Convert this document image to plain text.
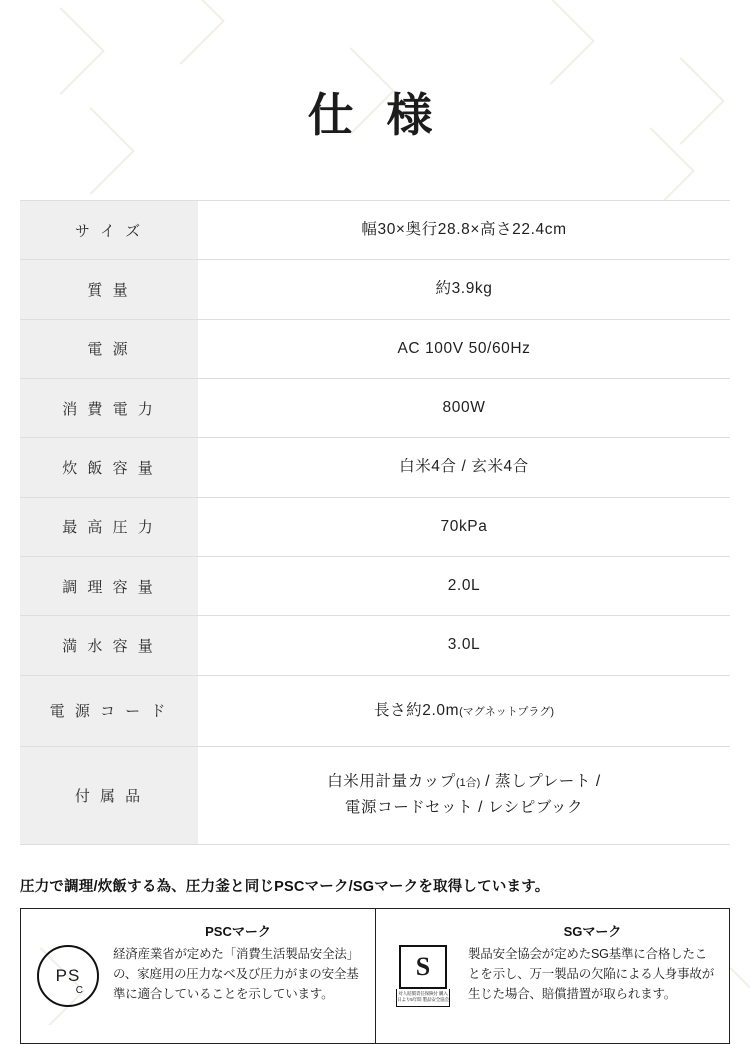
仕 様
サ イ ズ	幅30×奥行28.8×高さ22.4cm
質 量	約3.9kg
電 源	AC 100V 50/60Hz
消 費 電 力	800W
炊 飯 容 量	白米4合 / 玄米4合
最 高 圧 力	70kPa
調 理 容 量	2.0L
満 水 容 量	3.0L
電 源 コ ー ド	長さ約2.0m(マグネットプラグ)
付 属 品	白米用計量カップ(1合) / 蒸しプレート /
電源コードセット / レシピブック
圧力で調理/炊飯する為、圧力釜と同じPSCマーク/SGマークを取得しています。
PS
C
PSCマーク
経済産業省が定めた「消費生活製品安全法」の、家庭用の圧力なべ及び圧力がまの安全基準に適合していることを示しています。
S
対人賠償責任保険付 購入日より5年間 製品安全協会
SGマーク
製品安全協会が定めたSG基準に合格したことを示し、万一製品の欠陥による人身事故が生じた場合、賠償措置が取られます。
